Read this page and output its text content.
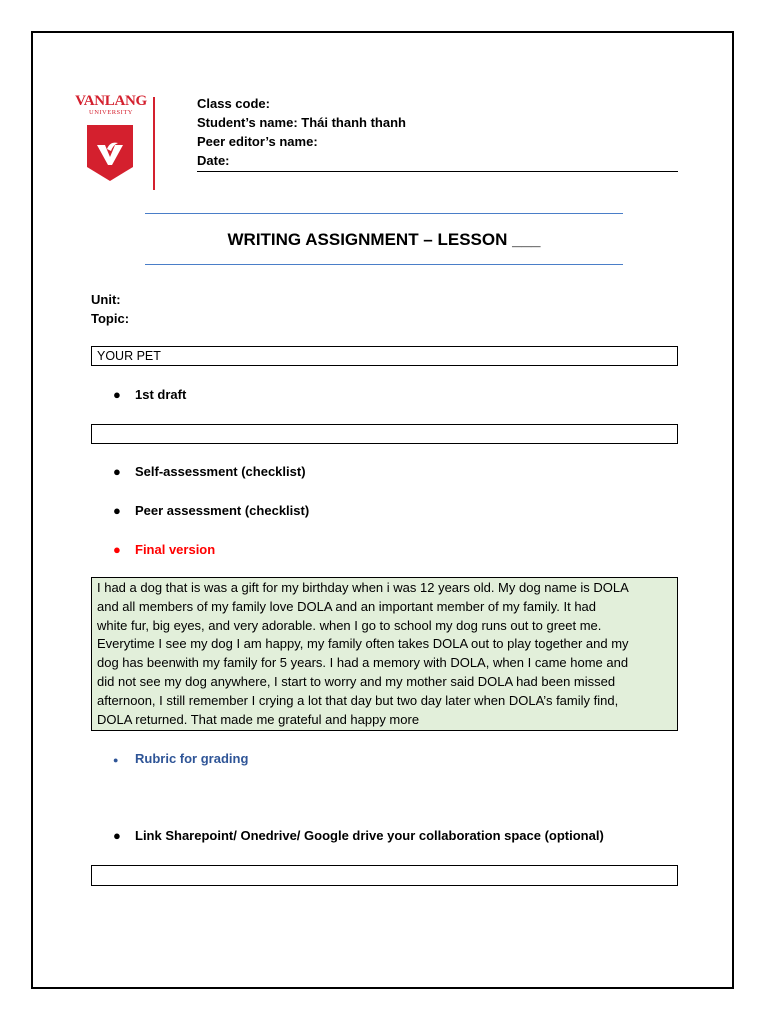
VANLANG
UNIVERSITY
Class code:
Student’s name: Thái thanh thanh
Peer editor’s name:
Date:
WRITING ASSIGNMENT – LESSON ___
Unit:
Topic:
YOUR PET
● 1st draft
● Self-assessment (checklist)
● Peer assessment (checklist)
● Final version
I had a dog that is was a gift for my birthday when i was 12 years old. My dog name is DOLA
and all members of my family love DOLA and an important member of my family. It had
white fur, big eyes, and very adorable. when I go to school my dog runs out to greet me.
Everytime I see my dog I am happy, my family often takes DOLA out to play together and my
dog has beenwith my family for 5 years. I had a memory with DOLA, when I came home and
did not see my dog anywhere, I start to worry and my mother said DOLA had been missed
afternoon, I still remember I crying a lot that day but two day later when DOLA’s family find,
DOLA returned. That made me grateful and happy more
● Rubric for grading
● Link Sharepoint/ Onedrive/ Google drive your collaboration space (optional)
